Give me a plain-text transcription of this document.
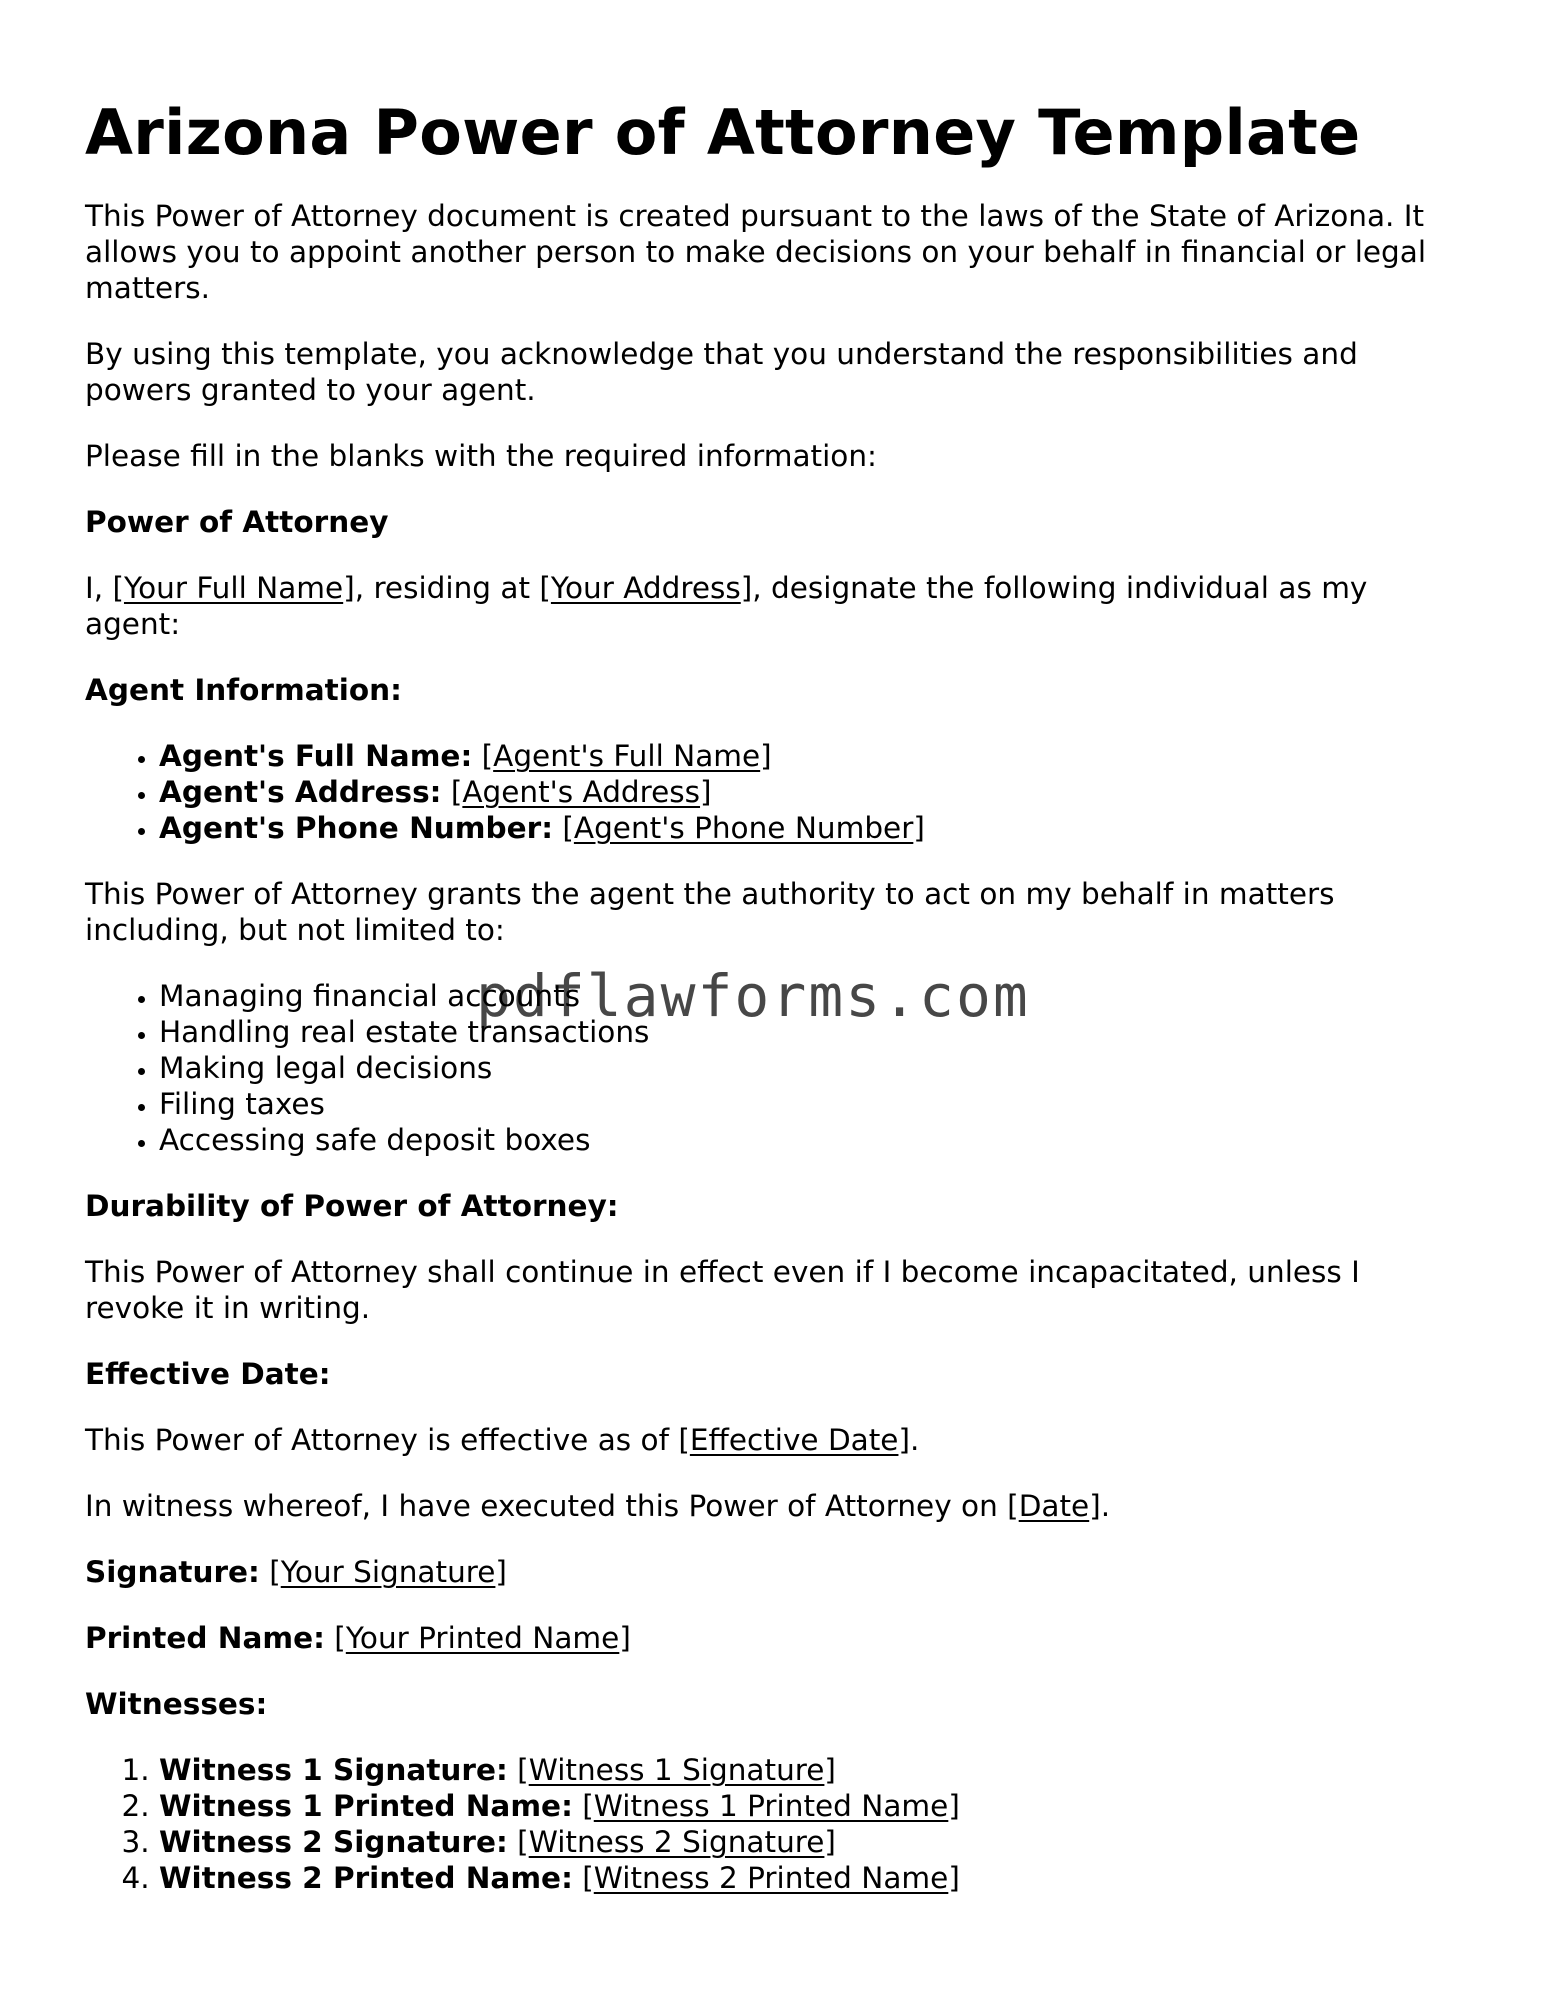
Arizona Power of Attorney Template

This Power of Attorney document is created pursuant to the laws of the State of Arizona. It allows you to appoint another person to make decisions on your behalf in financial or legal matters.

By using this template, you acknowledge that you understand the responsibilities and powers granted to your agent.

Please fill in the blanks with the required information:

Power of Attorney

I, [Your Full Name], residing at [Your Address], designate the following individual as my agent:

Agent Information:
• Agent's Full Name: [Agent's Full Name]
• Agent's Address: [Agent's Address]
• Agent's Phone Number: [Agent's Phone Number]

This Power of Attorney grants the agent the authority to act on my behalf in matters including, but not limited to:

• Managing financial accounts
• Handling real estate transactions
• Making legal decisions
• Filing taxes
• Accessing safe deposit boxes
Durability of Power of Attorney:

This Power of Attorney shall continue in effect even if I become incapacitated, unless I revoke it in writing.

Effective Date:

This Power of Attorney is effective as of [Effective Date].

In witness whereof, I have executed this Power of Attorney on [Date].

Signature: [Your Signature]

Printed Name: [Your Printed Name]

Witnesses:
1. Witness 1 Signature: [Witness 1 Signature]
2. Witness 1 Printed Name: [Witness 1 Printed Name]
3. Witness 2 Signature: [Witness 2 Signature]
4. Witness 2 Printed Name: [Witness 2 Printed Name]
pdflawforms.com
